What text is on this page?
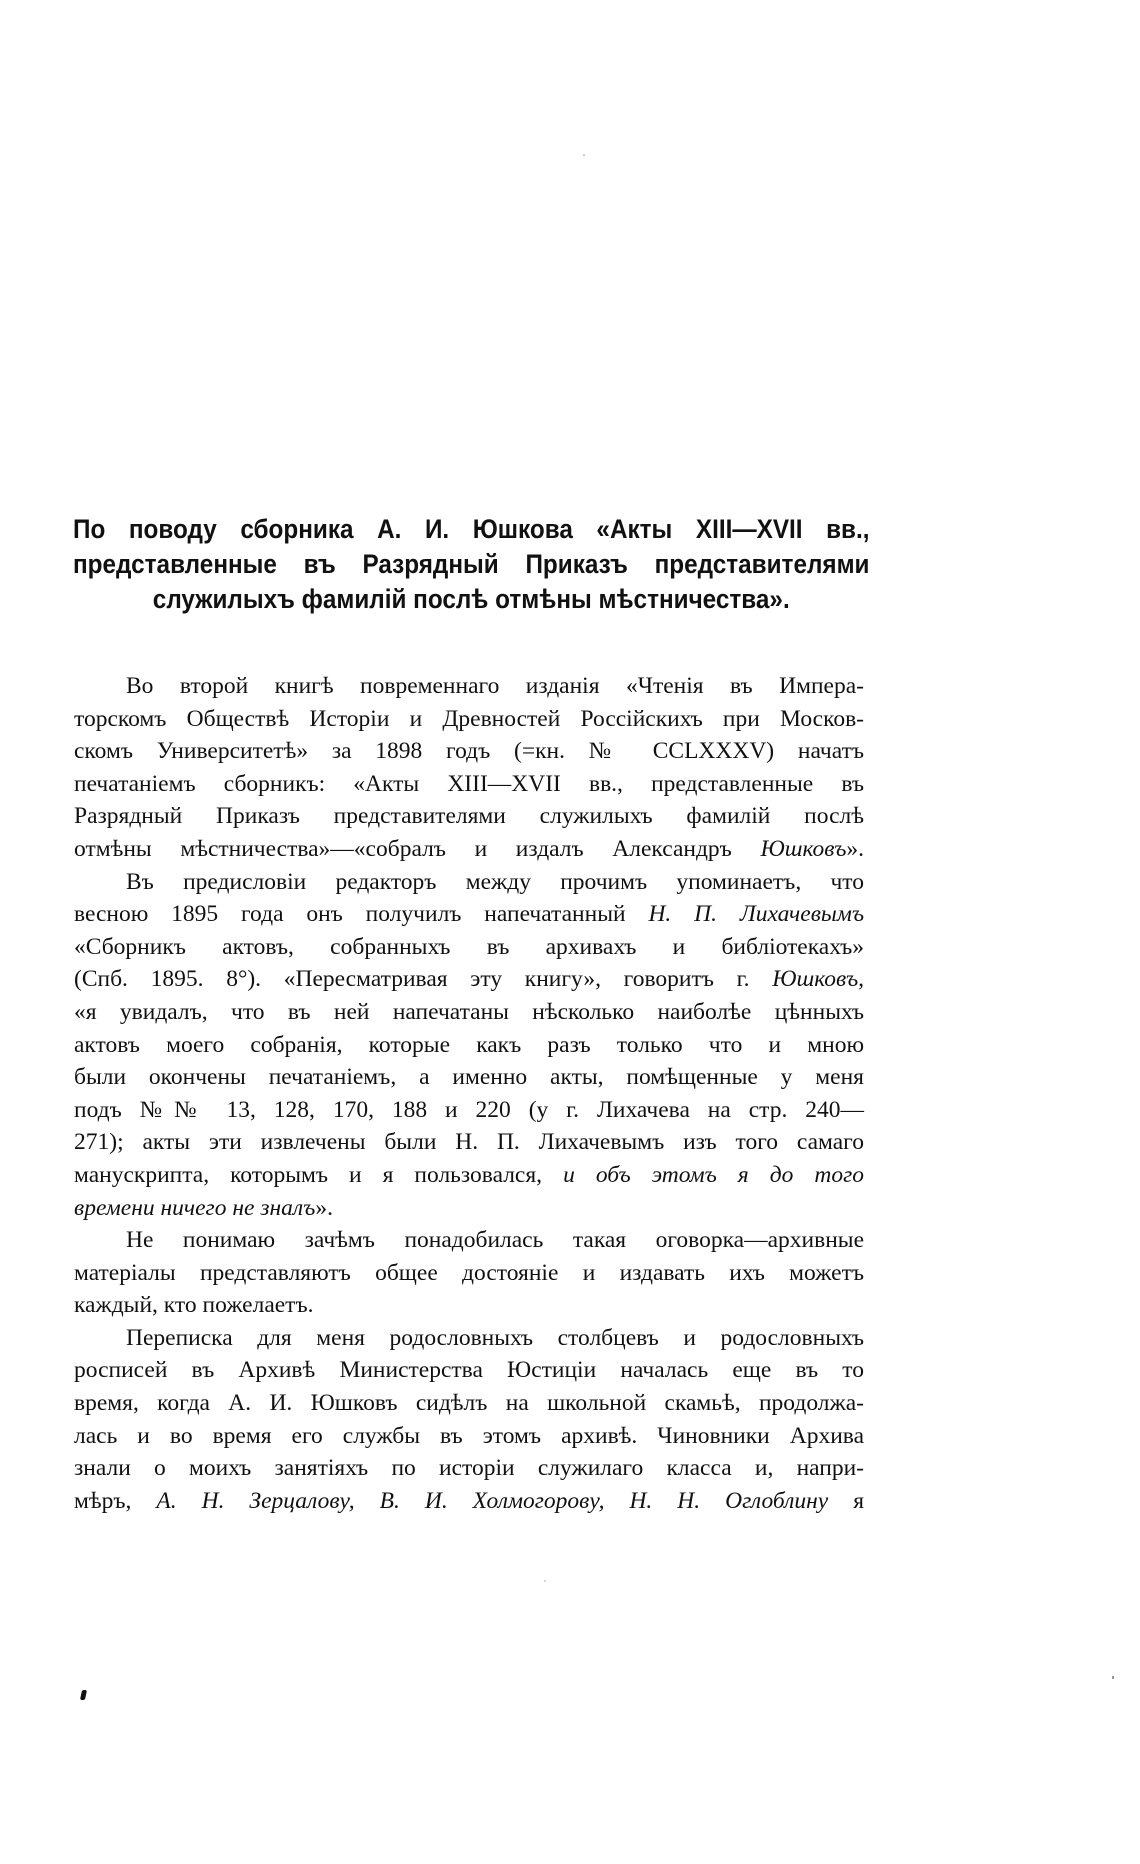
По поводу сборника А. И. Юшкова «Акты XIII—XVII вв.,
представленные въ Разрядный Приказъ представителями
служилыхъ фамилій послѣ отмѣны мѣстничества».
Во второй книгѣ повременнаго изданія «Чтенія въ Импера-
торскомъ Обществѣ Исторіи и Древностей Россійскихъ при Москов-
скомъ Университетѣ» за 1898 годъ (=кн. № CCLXXXV) начатъ
печатаніемъ сборникъ: «Акты XIII—XVII вв., представленные въ
Разрядный Приказъ представителями служилыхъ фамилій послѣ
отмѣны мѣстничества»—«собралъ и издалъ Александръ Юшковъ».
Въ предисловіи редакторъ между прочимъ упоминаетъ, что
весною 1895 года онъ получилъ напечатанный Н. П. Лихачевымъ
«Сборникъ актовъ, собранныхъ въ архивахъ и библіотекахъ»
(Спб. 1895. 8°). «Пересматривая эту книгу», говоритъ г. Юшковъ,
«я увидалъ, что въ ней напечатаны нѣсколько наиболѣе цѣнныхъ
актовъ моего собранія, которые какъ разъ только что и мною
были окончены печатаніемъ, а именно акты, помѣщенные у меня
подъ №№ 13, 128, 170, 188 и 220 (у г. Лихачева на стр. 240—
271); акты эти извлечены были Н. П. Лихачевымъ изъ того самаго
манускрипта, которымъ и я пользовался, и объ этомъ я до того
времени ничего не зналъ».
Не понимаю зачѣмъ понадобилась такая оговорка—архивные
матеріалы представляютъ общее достояніе и издавать ихъ можетъ
каждый, кто пожелаетъ.
Переписка для меня родословныхъ столбцевъ и родословныхъ
росписей въ Архивѣ Министерства Юстиціи началась еще въ то
время, когда А. И. Юшковъ сидѣлъ на школьной скамьѣ, продолжа-
лась и во время его службы въ этомъ архивѣ. Чиновники Архива
знали о моихъ занятіяхъ по исторіи служилаго класса и, напри-
мѣръ, А. Н. Зерцалову, В. И. Холмогорову, Н. Н. Оглоблину я
